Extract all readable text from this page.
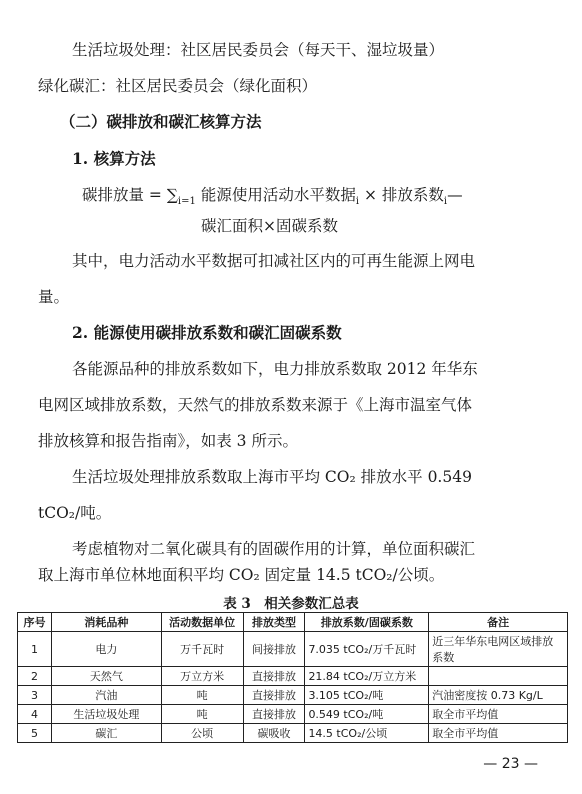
生活垃圾处理：社区居民委员会（每天干、湿垃圾量）
绿化碳汇：社区居民委员会（绿化面积）
（二）碳排放和碳汇核算方法
1. 核算方法
碳排放量 = $\sum_{i=1}$ 能源使用活动水平数据$_i$ × 排放系数$_i$—
碳汇面积×固碳系数
其中，电力活动水平数据可扣减社区内的可再生能源上网电
量。
2. 能源使用碳排放系数和碳汇固碳系数
各能源品种的排放系数如下，电力排放系数取 2012 年华东
电网区域排放系数，天然气的排放系数来源于《上海市温室气体
排放核算和报告指南》，如表 3 所示。
生活垃圾处理排放系数取上海市平均 CO₂ 排放水平 0.549
tCO₂/吨。
考虑植物对二氧化碳具有的固碳作用的计算，单位面积碳汇
取上海市单位林地面积平均 CO₂ 固定量 14.5 tCO₂/公顷。
表 3　相关参数汇总表
序号	消耗品种	活动数据单位	排放类型	排放系数/固碳系数	备注
1	电力	万千瓦时	间接排放	7.035 tCO₂/万千瓦时	近三年华东电网区域排放系数
2	天然气	万立方米	直接排放	21.84 tCO₂/万立方米	
3	汽油	吨	直接排放	3.105 tCO₂/吨	汽油密度按 0.73 Kg/L
4	生活垃圾处理	吨	直接排放	0.549 tCO₂/吨	取全市平均值
5	碳汇	公顷	碳吸收	14.5 tCO₂/公顷	取全市平均值
— 23 —
